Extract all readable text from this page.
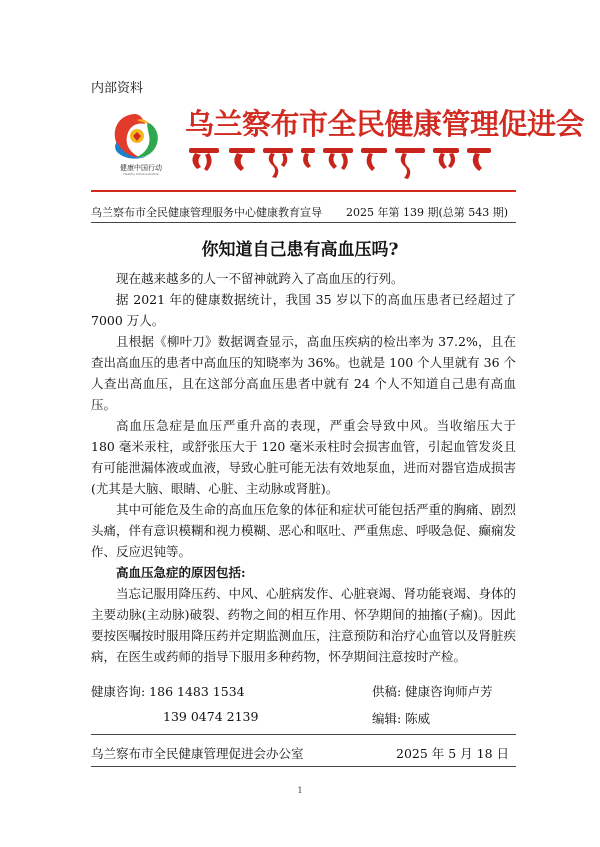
内部资料
健康中国行动
Healthy China Initiative
乌兰察布市全民健康管理促进会
乌兰察布市全民健康管理服务中心健康教育宣导 2025 年第 139 期(总第 543 期)
你知道自己患有高血压吗?

现在越来越多的人一不留神就跨入了高血压的行列。

据 2021 年的健康数据统计，我国 35 岁以下的高血压患者已经超过了 7000 万人。

且根据《柳叶刀》数据调查显示，高血压疾病的检出率为 37.2%，且在查出高血压的患者中高血压的知晓率为 36%。也就是 100 个人里就有 36 个人查出高血压，且在这部分高血压患者中就有 24 个人不知道自己患有高血压。

高血压急症是血压严重升高的表现，严重会导致中风。当收缩压大于 180 毫米汞柱，或舒张压大于 120 毫米汞柱时会损害血管，引起血管发炎且有可能泄漏体液或血液，导致心脏可能无法有效地泵血，进而对器官造成损害(尤其是大脑、眼睛、心脏、主动脉或肾脏)。

其中可能危及生命的高血压危象的体征和症状可能包括严重的胸痛、剧烈头痛，伴有意识模糊和视力模糊、恶心和呕吐、严重焦虑、呼吸急促、癫痫发作、反应迟钝等。

高血压急症的原因包括:

当忘记服用降压药、中风、心脏病发作、心脏衰竭、肾功能衰竭、身体的主要动脉(主动脉)破裂、药物之间的相互作用、怀孕期间的抽搐(子痫)。因此要按医嘱按时服用降压药并定期监测血压，注意预防和治疗心血管以及肾脏疾病，在医生或药师的指导下服用多种药物，怀孕期间注意按时产检。

健康咨询: 186 1483 1534
139 0474 2139
供稿: 健康咨询师卢芳
编辑: 陈威
乌兰察布市全民健康管理促进会办公室	2025 年 5 月 18 日
1
